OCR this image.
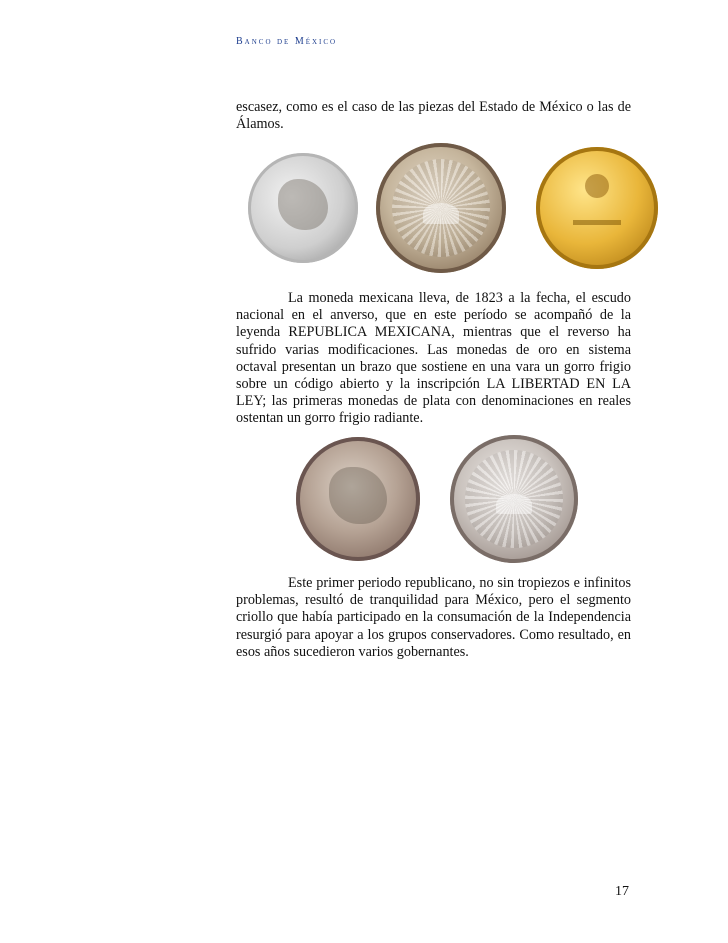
Banco de México
escasez, como es el caso de las piezas del Estado de México o las de Álamos.
La moneda mexicana lleva, de 1823 a la fecha, el escudo nacional en el anverso, que en este período se acompañó de la leyenda REPUBLICA MEXICANA, mientras que el reverso ha sufrido varias modificaciones. Las monedas de oro en sistema octaval presentan un brazo que sostiene en una vara un gorro frigio sobre un código abierto y la inscripción LA LIBERTAD EN LA LEY; las primeras monedas de plata con denominaciones en reales ostentan un gorro frigio radiante.
Este primer periodo republicano, no sin tropiezos e infinitos problemas, resultó de tranquilidad para México, pero el segmento criollo que había participado en la consumación de la Independencia resurgió para apoyar a los grupos conservadores. Como resultado, en esos años sucedieron varios gobernantes.
17
